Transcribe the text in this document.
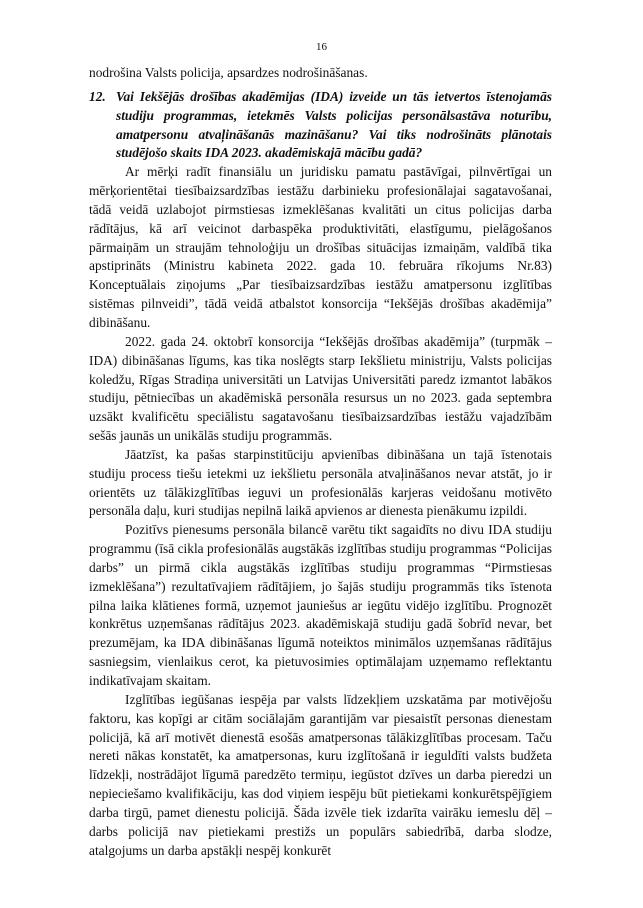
16

nodrošina Valsts policija, apsardzes nodrošināšanas.

12. Vai Iekšējās drošības akadēmijas (IDA) izveide un tās ietvertos īstenojamās studiju programmas, ietekmēs Valsts policijas personālsastāva noturību, amatpersonu atvaļināšanās mazināšanu? Vai tiks nodrošināts plānotais studējošo skaits IDA 2023. akadēmiskajā mācību gadā?

Ar mērķi radīt finansiālu un juridisku pamatu pastāvīgai, pilnvērtīgai un mērķorientētai tiesībaizsardzības iestāžu darbinieku profesionālajai sagatavošanai, tādā veidā uzlabojot pirmstiesas izmeklēšanas kvalitāti un citus policijas darba rādītājus, kā arī veicinot darbaspēka produktivitāti, elastīgumu, pielāgošanos pārmaiņām un straujām tehnoloģiju un drošības situācijas izmaiņām, valdībā tika apstiprināts (Ministru kabineta 2022. gada 10. februāra rīkojums Nr.83) Konceptuālais ziņojums „Par tiesībaizsardzības iestāžu amatpersonu izglītības sistēmas pilnveidi”, tādā veidā atbalstot konsorcija “Iekšējās drošības akadēmija” dibināšanu.

2022. gada 24. oktobrī konsorcija “Iekšējās drošības akadēmija” (turpmāk – IDA) dibināšanas līgums, kas tika noslēgts starp Iekšlietu ministriju, Valsts policijas koledžu, Rīgas Stradiņa universitāti un Latvijas Universitāti paredz izmantot labākos studiju, pētniecības un akadēmiskā personāla resursus un no 2023. gada septembra uzsākt kvalificētu speciālistu sagatavošanu tiesībaizsardzības iestāžu vajadzībām sešās jaunās un unikālās studiju programmās.

Jāatzīst, ka pašas starpinstitūciju apvienības dibināšana un tajā īstenotais studiju process tiešu ietekmi uz iekšlietu personāla atvaļināšanos nevar atstāt, jo ir orientēts uz tālākizglītības ieguvi un profesionālās karjeras veidošanu motivēto personāla daļu, kuri studijas nepilnā laikā apvienos ar dienesta pienākumu izpildi.

Pozitīvs pienesums personāla bilancē varētu tikt sagaidīts no divu IDA studiju programmu (īsā cikla profesionālās augstākās izglītības studiju programmas “Policijas darbs” un pirmā cikla augstākās izglītības studiju programmas “Pirmstiesas izmeklēšana”) rezultatīvajiem rādītājiem, jo šajās studiju programmās tiks īstenota pilna laika klātienes formā, uzņemot jauniešus ar iegūtu vidējo izglītību. Prognozēt konkrētus uzņemšanas rādītājus 2023. akadēmiskajā studiju gadā šobrīd nevar, bet prezumējam, ka IDA dibināšanas līgumā noteiktos minimālos uzņemšanas rādītājus sasniegsim, vienlaikus cerot, ka pietuvosimies optimālajam uzņemamo reflektantu indikatīvajam skaitam.

Izglītības iegūšanas iespēja par valsts līdzekļiem uzskatāma par motivējošu faktoru, kas kopīgi ar citām sociālajām garantijām var piesaistīt personas dienestam policijā, kā arī motivēt dienestā esošās amatpersonas tālākizglītības procesam. Taču nereti nākas konstatēt, ka amatpersonas, kuru izglītošanā ir ieguldīti valsts budžeta līdzekļi, nostrādājot līgumā paredzēto termiņu, iegūstot dzīves un darba pieredzi un nepieciešamo kvalifikāciju, kas dod viņiem iespēju būt pietiekami konkurētspējīgiem darba tirgū, pamet dienestu policijā. Šāda izvēle tiek izdarīta vairāku iemeslu dēļ – darbs policijā nav pietiekami prestižs un populārs sabiedrībā, darba slodze, atalgojums un darba apstākļi nespēj konkurēt
